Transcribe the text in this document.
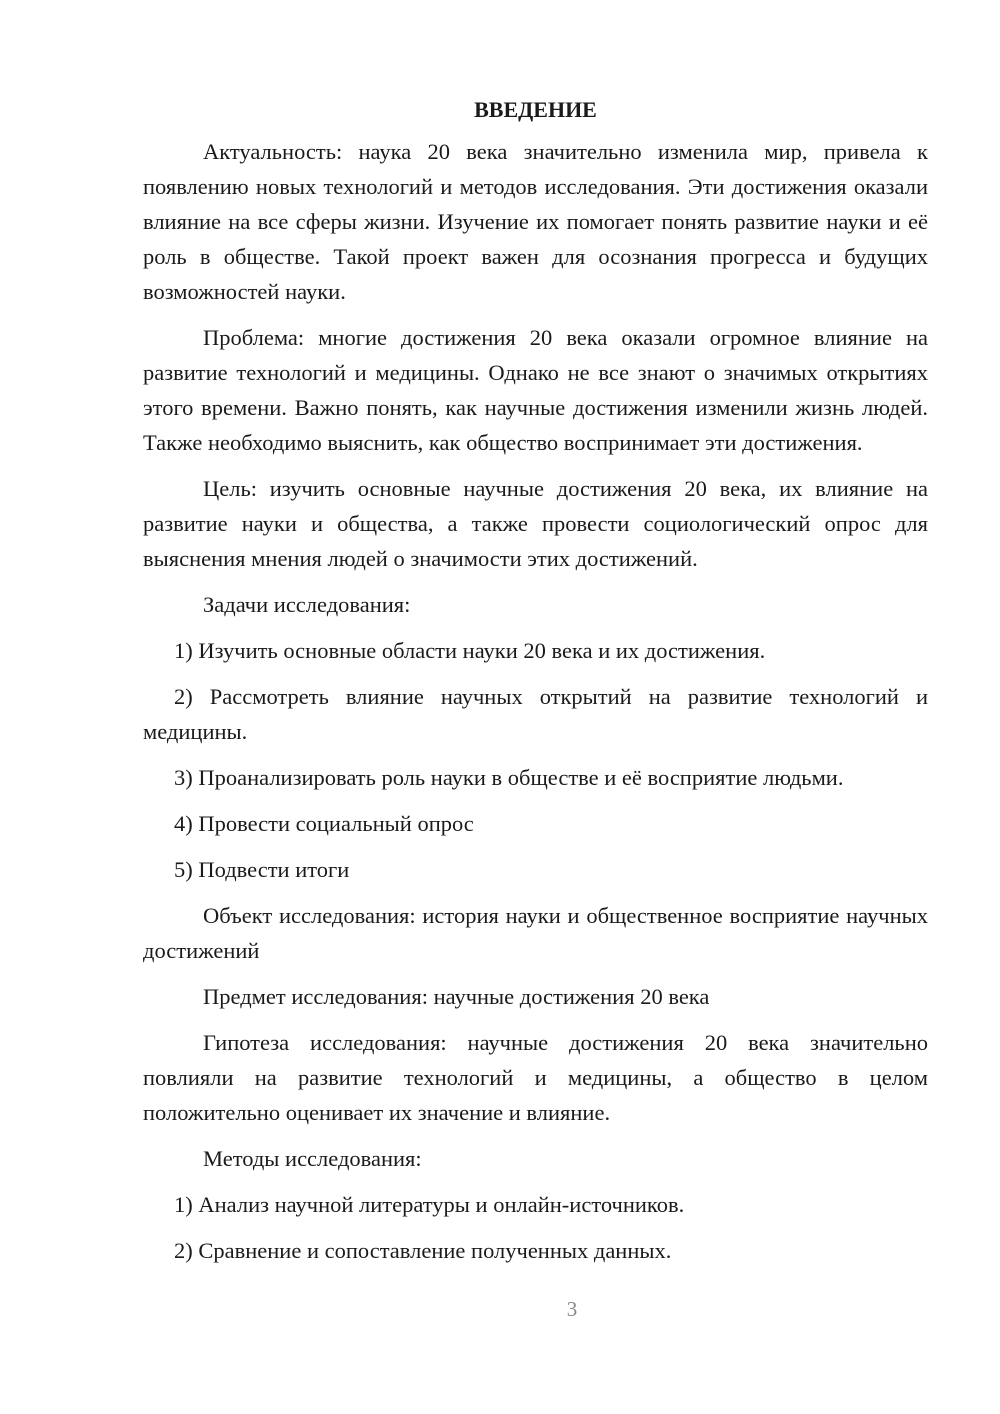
ВВЕДЕНИЕ

Актуальность: наука 20 века значительно изменила мир, привела к появлению новых технологий и методов исследования. Эти достижения оказали влияние на все сферы жизни. Изучение их помогает понять развитие науки и её роль в обществе. Такой проект важен для осознания прогресса и будущих возможностей науки.

Проблема: многие достижения 20 века оказали огромное влияние на развитие технологий и медицины. Однако не все знают о значимых открытиях этого времени. Важно понять, как научные достижения изменили жизнь людей. Также необходимо выяснить, как общество воспринимает эти достижения.

Цель: изучить основные научные достижения 20 века, их влияние на развитие науки и общества, а также провести социологический опрос для выяснения мнения людей о значимости этих достижений.

Задачи исследования:

1) Изучить основные области науки 20 века и их достижения.

2) Рассмотреть влияние научных открытий на развитие технологий и медицины.

3) Проанализировать роль науки в обществе и её восприятие людьми.

4) Провести социальный опрос

5) Подвести итоги

Объект исследования: история науки и общественное восприятие научных достижений

Предмет исследования: научные достижения 20 века

Гипотеза исследования: научные достижения 20 века значительно повлияли на развитие технологий и медицины, а общество в целом положительно оценивает их значение и влияние.

Методы исследования:

1) Анализ научной литературы и онлайн-источников.

2) Сравнение и сопоставление полученных данных.

3
